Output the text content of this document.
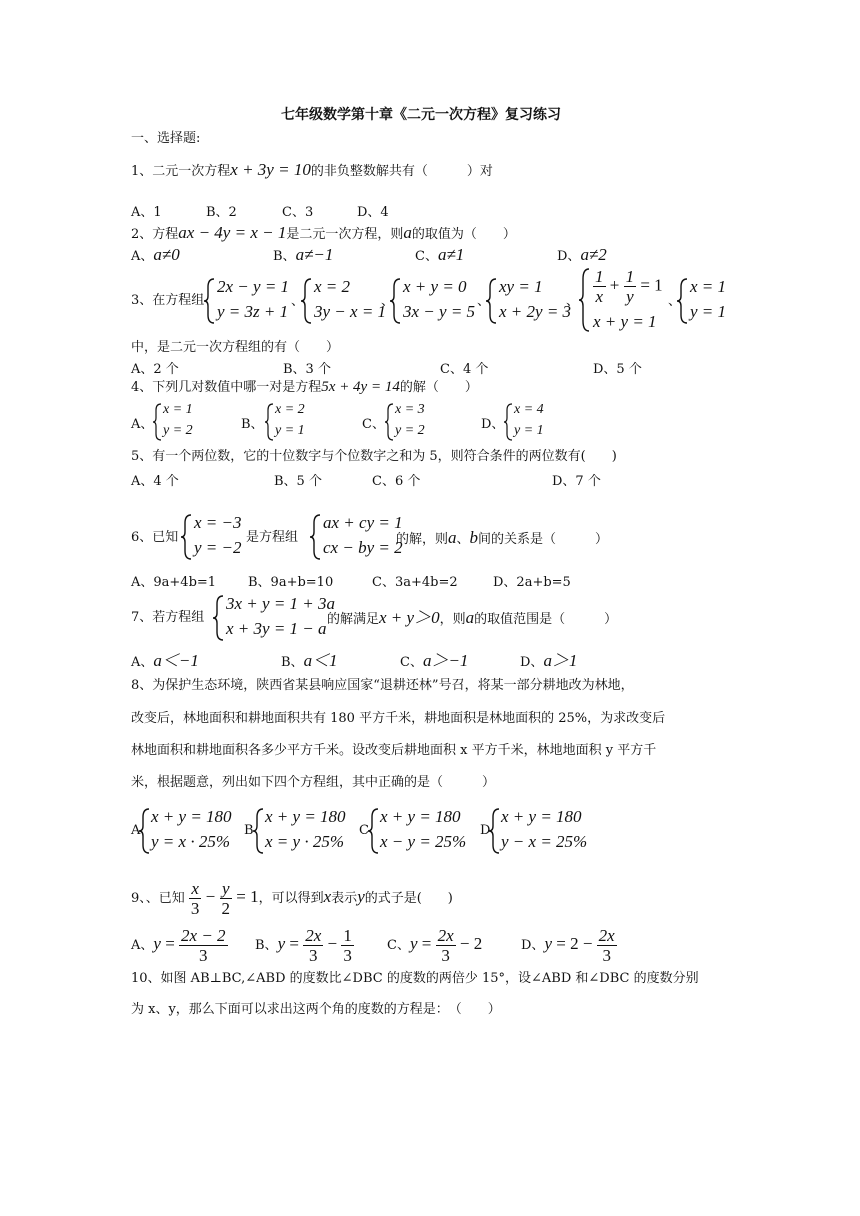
七年级数学第十章《二元一次方程》复习练习
一、选择题:
1、二元一次方程x + 3y = 10的非负整数解共有（　　　）对
A、1	B、2	C、3	D、4
2、方程ax − 4y = x − 1是二元一次方程，则a的取值为（　　）
A、a≠0	B、a≠−1	C、a≠1	D、a≠2
3、在方程组
2x − y = 1
y = 3z + 1
、
x = 2
3y − x = 1
、
x + y = 0
3x − y = 5
、
xy = 1
x + 2y = 3
、 $\frac{1}{x} + \frac{1}{y} = 1$
x + y = 1
、
x = 1
y = 1
中，是二元一次方程组的有（　　）
A、2 个	B、3 个	C、4 个	D、5 个
4、下列几对数值中哪一对是方程5x + 4y = 14的解（　　）
A、
x = 1
y = 2	B、
x = 2
y = 1	C、
x = 3
y = 2	D、
x = 4
y = 1
5、有一个两位数，它的十位数字与个位数字之和为 5，则符合条件的两位数有(　　)
A、4 个	B、5 个	C、6 个	D、7 个
6、已知
x = −3
y = −2
是方程组
ax + cy = 1
cx − by = 2
的解，则a、b间的关系是（　　　）
A、9a+4b=1 B、9a+b=10	C、3a+4b=2	D、2a+b=5
7、若方程组
3x + y = 1 + 3a
x + 3y = 1 − a 的解满足x + y＞0，则a的取值范围是（　　　）
A、a＜−1	B、a＜1	C、a＞−1	D、a＞1
8、为保护生态环境，陕西省某县响应国家“退耕还林”号召，将某一部分耕地改为林地，
改变后，林地面积和耕地面积共有 180 平方千米，耕地面积是林地面积的 25%，为求改变后
林地面积和耕地面积各多少平方千米。设改变后耕地面积 x 平方千米，林地地面积 y 平方千
米，根据题意，列出如下四个方程组，其中正确的是（　　　）
A
x + y = 180
y = x · 25%
B
x + y = 180
x = y · 25%
C
x + y = 180
x − y = 25%
D
x + y = 180
y − x = 25%
9、、已知 $\frac{x}{3} - \frac{y}{2} = 1$，可以得到x表示y的式子是(　　)
A、$y = \frac{2x - 2}{3}$ B、$y = \frac{2x}{3} - \frac{1}{3}$	C、$y = \frac{2x}{3} - 2$	D、$y = 2 - \frac{2x}{3}$
10、如图 AB⊥BC,∠ABD 的度数比∠DBC 的度数的两倍少 15°，设∠ABD 和∠DBC 的度数分别
为 x、y，那么下面可以求出这两个角的度数的方程是：　（　　）
